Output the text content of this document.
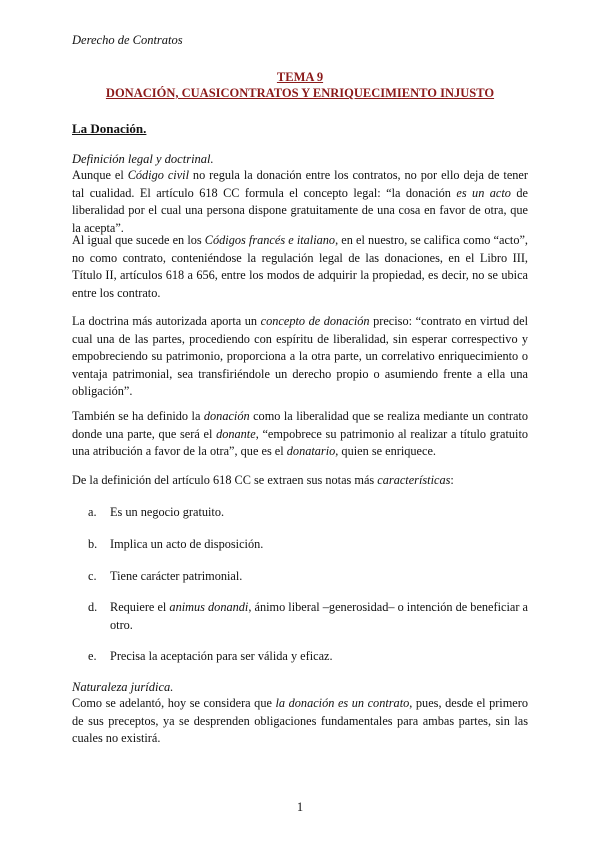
Derecho de Contratos
TEMA 9
DONACIÓN, CUASICONTRATOS Y ENRIQUECIMIENTO INJUSTO
La Donación.
Definición legal y doctrinal.

Aunque el Código civil no regula la donación entre los contratos, no por ello deja de tener tal cualidad. El artículo 618 CC formula el concepto legal: “la donación es un acto de liberalidad por el cual una persona dispone gratuitamente de una cosa en favor de otra, que la acepta”.

Al igual que sucede en los Códigos francés e italiano, en el nuestro, se califica como “acto”, no como contrato, conteniéndose la regulación legal de las donaciones, en el Libro III, Título II, artículos 618 a 656, entre los modos de adquirir la propiedad, es decir, no se ubica entre los contrato.

La doctrina más autorizada aporta un concepto de donación preciso: “contrato en virtud del cual una de las partes, procediendo con espíritu de liberalidad, sin esperar correspectivo y empobreciendo su patrimonio, proporciona a la otra parte, un correlativo enriquecimiento o ventaja patrimonial, sea transfiriéndole un derecho propio o asumiendo frente a ella una obligación”.

También se ha definido la donación como la liberalidad que se realiza mediante un contrato donde una parte, que será el donante, “empobrece su patrimonio al realizar a título gratuito una atribución a favor de la otra”, que es el donatario, quien se enriquece.

De la definición del artículo 618 CC se extraen sus notas más características:

a. Es un negocio gratuito.
b. Implica un acto de disposición.
c. Tiene carácter patrimonial.
d. Requiere el animus donandi, ánimo liberal –generosidad– o intención de beneficiar a otro.
e. Precisa la aceptación para ser válida y eficaz.
Naturaleza jurídica.

Como se adelantó, hoy se considera que la donación es un contrato, pues, desde el primero de sus preceptos, ya se desprenden obligaciones fundamentales para ambas partes, sin las cuales no existirá.

1
